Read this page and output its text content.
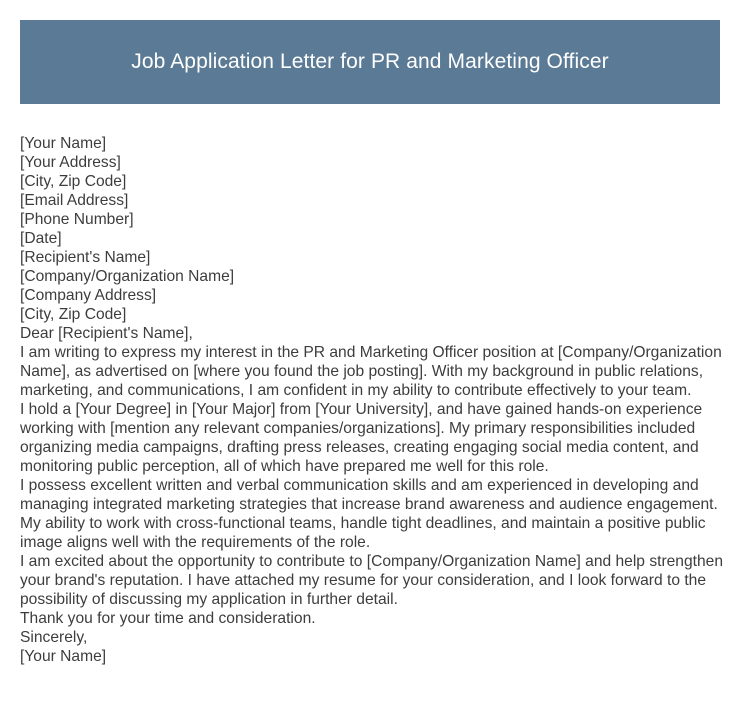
Job Application Letter for PR and Marketing Officer
[Your Name]
[Your Address]
[City, Zip Code]
[Email Address]
[Phone Number]
[Date]
[Recipient's Name]
[Company/Organization Name]
[Company Address]
[City, Zip Code]
Dear [Recipient's Name],
I am writing to express my interest in the PR and Marketing Officer position at [Company/Organization Name], as advertised on [where you found the job posting]. With my background in public relations, marketing, and communications, I am confident in my ability to contribute effectively to your team.
I hold a [Your Degree] in [Your Major] from [Your University], and have gained hands-on experience working with [mention any relevant companies/organizations]. My primary responsibilities included organizing media campaigns, drafting press releases, creating engaging social media content, and monitoring public perception, all of which have prepared me well for this role.
I possess excellent written and verbal communication skills and am experienced in developing and managing integrated marketing strategies that increase brand awareness and audience engagement. My ability to work with cross-functional teams, handle tight deadlines, and maintain a positive public image aligns well with the requirements of the role.
I am excited about the opportunity to contribute to [Company/Organization Name] and help strengthen your brand's reputation. I have attached my resume for your consideration, and I look forward to the possibility of discussing my application in further detail.
Thank you for your time and consideration.
Sincerely,
[Your Name]
